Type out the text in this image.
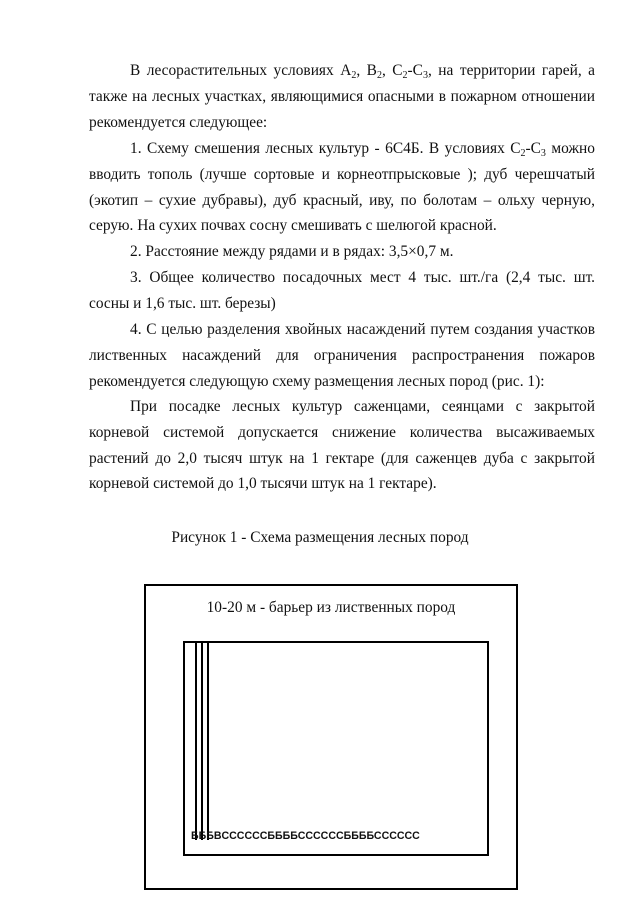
В лесорастительных условиях $А_2$, $В_2$, $С_2-С_3$, на территории гарей, а также на лесных участках, являющимися опасными в пожарном отношении рекомендуется следующее:
1. Схему смешения лесных культур - 6С4Б. В условиях $С_2-С_3$ можно вводить тополь (лучше сортовые и корнеотпрысковые ); дуб черешчатый (экотип – сухие дубравы), дуб красный, иву, по болотам – ольху черную, серую. На сухих почвах сосну смешивать с шелюгой красной.
2. Расстояние между рядами и в рядах: 3,5×0,7 м.
3. Общее количество посадочных мест 4 тыс. шт./га (2,4 тыс. шт. сосны и 1,6 тыс. шт. березы)
4. С целью разделения хвойных насаждений путем создания участков лиственных насаждений для ограничения распространения пожаров рекомендуется следующую схему размещения лесных пород (рис. 1):
При посадке лесных культур саженцами, сеянцами с закрытой корневой системой допускается снижение количества высаживаемых растений до 2,0 тысяч штук на 1 гектаре (для саженцев дуба с закрытой корневой системой до 1,0 тысячи штук на 1 гектаре).
Рисунок 1 - Схема размещения лесных пород
10-20 м - барьер из лиственных пород
БББBССССССББББСССССCББББСССССС
